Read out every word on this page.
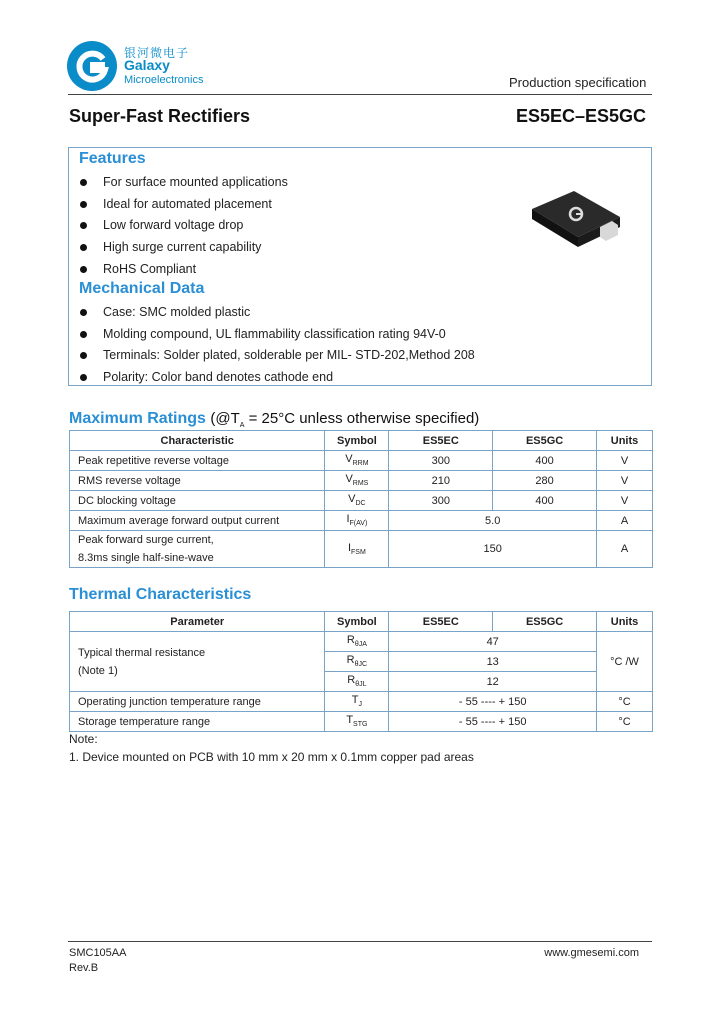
银河微电子
Galaxy
Microelectronics	Production specification
Super-Fast Rectifiers	ES5EC–ES5GC
Features
For surface mounted applications
Ideal for automated placement
Low forward voltage drop
High surge current capability
RoHS Compliant
Mechanical Data
Case: SMC molded plastic
Molding compound, UL flammability classification rating 94V-0
Terminals: Solder plated, solderable per MIL- STD-202,Method 208
Polarity: Color band denotes cathode end
Maximum Ratings ($@T_A = 25^\circ C$ unless otherwise specified)
Characteristic	Symbol	ES5EC	ES5GC	Units
Peak repetitive reverse voltage	$V_{RRM}$	300	400	V
RMS reverse voltage	$V_{RMS}$	210	280	V
DC blocking voltage	$V_{DC}$	300	400	V
Maximum average forward output current	$I_{F(AV)}$	5.0		A

Peak forward surge current,
8.3ms single half-sine-wave	$I_{FSM}$	150		A
Thermal Characteristics
Parameter	Symbol	ES5EC	ES5GC	Units

Typical thermal resistance
(Note 1)	$R_{\theta JA}$	47		°C /W
	$R_{\theta JC}$	13		
	$R_{\theta JL}$	12		
Operating junction temperature range	$T_J$	- 55 ---- + 150		°C
Storage temperature range	$T_{STG}$	- 55 ---- + 150		°C
Note:
1. Device mounted on PCB with 10 mm x 20 mm x 0.1mm copper pad areas
SMC105AA
Rev.B
www.gmesemi.com
